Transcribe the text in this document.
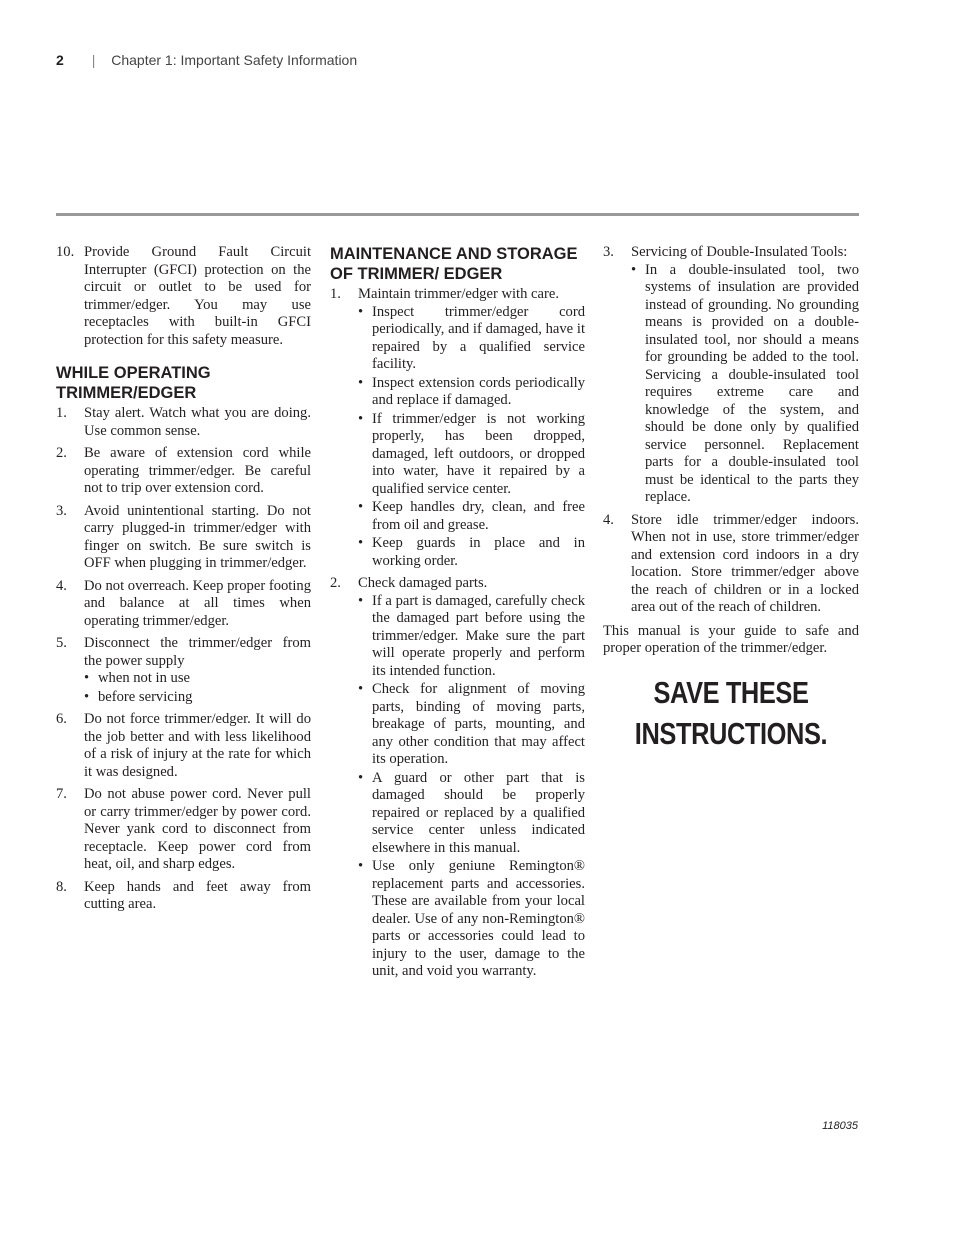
2 | Chapter 1: Important Safety Information
10. Provide Ground Fault Circuit Interrupter (GFCI) protection on the circuit or outlet to be used for trimmer/edger. You may use receptacles with built-in GFCI protection for this safety measure.
WHILE OPERATING TRIMMER/EDGER
1. Stay alert. Watch what you are doing. Use common sense.
2. Be aware of extension cord while operating trimmer/edger. Be careful not to trip over extension cord.
3. Avoid unintentional starting. Do not carry plugged-in trimmer/edger with finger on switch. Be sure switch is OFF when plugging in trimmer/edger.
4. Do not overreach. Keep proper footing and balance at all times when operating trimmer/edger.
5. Disconnect the trimmer/edger from the power supply
• when not in use
• before servicing
6. Do not force trimmer/edger. It will do the job better and with less likelihood of a risk of injury at the rate for which it was designed.
7. Do not abuse power cord. Never pull or carry trimmer/edger by power cord. Never yank cord to disconnect from receptacle. Keep power cord from heat, oil, and sharp edges.
8. Keep hands and feet away from cutting area.
MAINTENANCE AND STORAGE OF TRIMMER/ EDGER
1. Maintain trimmer/edger with care.
• Inspect trimmer/edger cord periodically, and if damaged, have it repaired by a qualified service facility.
• Inspect extension cords periodically and replace if damaged.
• If trimmer/edger is not working properly, has been dropped, damaged, left outdoors, or dropped into water, have it repaired by a qualified service center.
• Keep handles dry, clean, and free from oil and grease.
• Keep guards in place and in working order.
2. Check damaged parts.
• If a part is damaged, carefully check the damaged part before using the trimmer/edger. Make sure the part will operate properly and perform its intended function.
• Check for alignment of moving parts, binding of moving parts, breakage of parts, mounting, and any other condition that may affect its operation.
• A guard or other part that is damaged should be properly repaired or replaced by a qualified service center unless indicated elsewhere in this manual.
• Use only geniune Remington® replacement parts and accessories. These are available from your local dealer. Use of any non-Remington® parts or accessories could lead to injury to the user, damage to the unit, and void you warranty.
3. Servicing of Double-Insulated Tools:
• In a double-insulated tool, two systems of insulation are provided instead of grounding. No grounding means is provided on a double-insulated tool, nor should a means for grounding be added to the tool. Servicing a double-insulated tool requires extreme care and knowledge of the system, and should be done only by qualified service personnel. Replacement parts for a double-insulated tool must be identical to the parts they replace.
4. Store idle trimmer/edger indoors. When not in use, store trimmer/edger and extension cord indoors in a dry location. Store trimmer/edger above the reach of children or in a locked area out of the reach of children.

This manual is your guide to safe and proper operation of the trimmer/edger.

SAVE THESE
INSTRUCTIONS.
118035
